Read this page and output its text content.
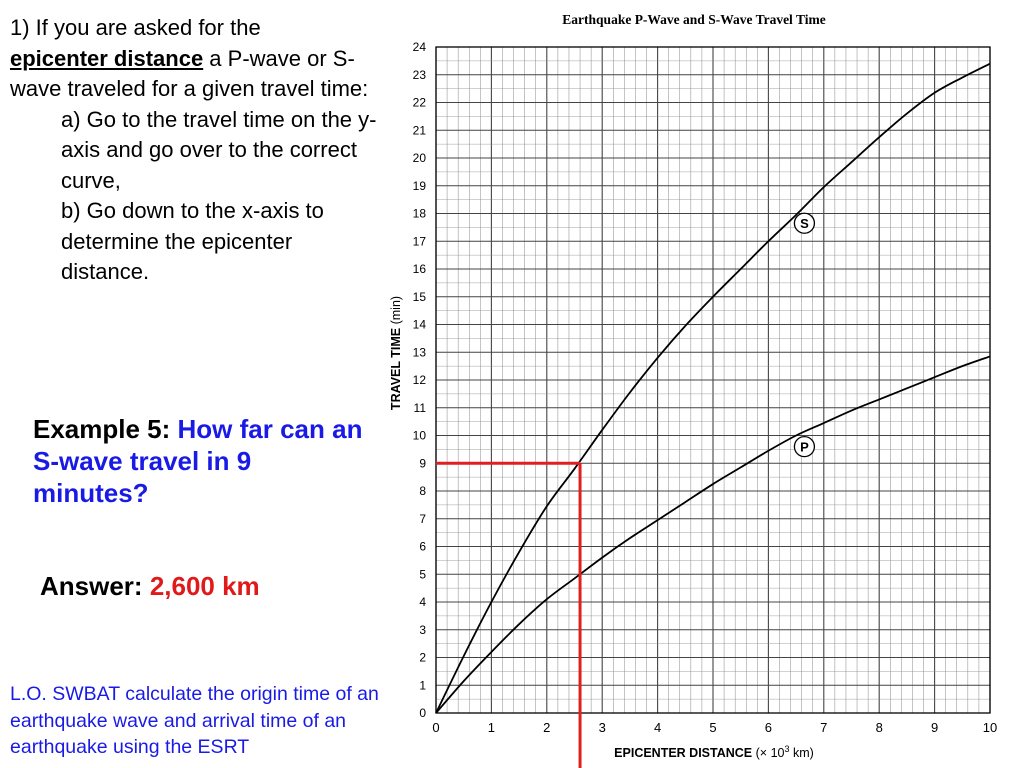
1) If you are asked for the
epicenter distance a P-wave or S-wave traveled for a given travel time:
a) Go to the travel time on the y-axis and go over to the correct curve,
b) Go down to the x-axis to determine the epicenter distance.
Example 5: How far can an S-wave travel in 9 minutes?
Answer: 2,600 km
L.O. SWBAT calculate the origin time of an earthquake wave and arrival time of an earthquake using the ESRT
Earthquake P-Wave and S-Wave Travel Time
0	1	2	3	4	5	6	7	8	9	10
0
1
2
3
4
5
6
7
8
9
10
11
12
13
14
15
16
17
18
19
20
21
22
23
24
S
P
EPICENTER DISTANCE (× $10^3$ km)
TRAVEL TIME (min)
